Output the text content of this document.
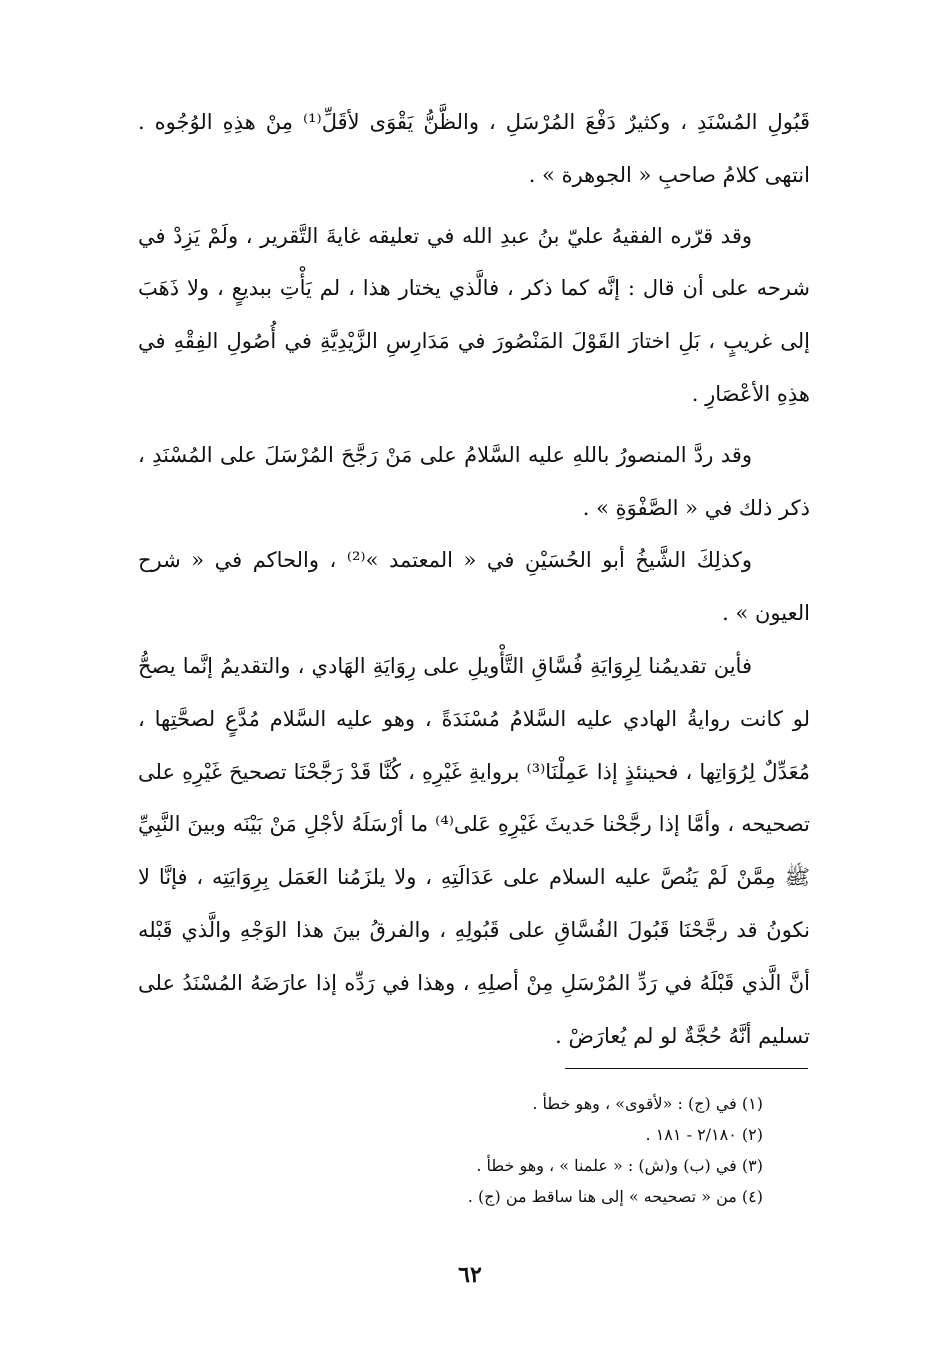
قَبُولِ المُسْنَدِ ، وكثيرٌ دَفْعَ المُرْسَلِ ، والظَّنُّ يَقْوَى لأقَلِّ⁽¹⁾ مِنْ هذِهِ الوُجُوه . انتهى كلامُ صاحبِ « الجوهرة » .

وقد قرّره الفقيهُ عليّ بنُ عبدِ الله في تعليقه غايةَ التَّقرير ، ولَمْ يَزِدْ في شرحه على أن قال : إنَّه كما ذكر ، فالَّذي يختار هذا ، لم يَأْتِ ببديعٍ ، ولا ذَهَبَ إلى غريبٍ ، بَلِ اختارَ القَوْلَ المَنْصُورَ في مَدَارِسِ الزَّيْدِيَّةِ في أُصُولِ الفِقْهِ في هذِهِ الأعْصَارِ .

وقد ردَّ المنصورُ باللهِ عليه السَّلامُ على مَنْ رَجَّحَ المُرْسَلَ على المُسْنَدِ ، ذكر ذلك في « الصَّفْوَةِ » .

وكذلِكَ الشَّيخُ أبو الحُسَيْنِ في « المعتمد »⁽²⁾ ، والحاكم في « شرح العيون » .

فأين تقديمُنا لِرِوَايَةِ فُسَّاقِ التَّأْويلِ على رِوَايَةِ الهَادي ، والتقديمُ إنَّما يصحُّ لو كانت روايةُ الهادي عليه السَّلامُ مُسْنَدَةً ، وهو عليه السَّلام مُدَّعٍ لصحَّتِها ، مُعَدِّلٌ لِرُوَاتِها ، فحينئذٍ إذا عَمِلْنَا⁽³⁾ بروايةِ غَيْرِهِ ، كُنَّا قَدْ رَجَّحْنَا تصحيحَ غَيْرِهِ على تصحيحه ، وأمَّا إذا رجَّحْنا حَديثَ غَيْرِهِ عَلى⁽⁴⁾ ما أرْسَلَهُ لأجْلِ مَنْ بَيْنَه وبينَ النَّبِيِّ ﷺ مِمَّنْ لَمْ يَنُصَّ عليه السلام على عَدَالَتِهِ ، ولا يلزَمُنا العَمَل بِرِوَايَتِه ، فإنَّا لا نكونُ قد رجَّحْنَا قَبُولَ الفُسَّاقِ على قَبُولِهِ ، والفرقُ بينَ هذا الوَجْهِ والَّذي قَبْله أنَّ الَّذي قَبْلَهُ في رَدِّ المُرْسَلِ مِنْ أصلِهِ ، وهذا في رَدِّه إذا عارَضَهُ المُسْنَدُ على تسليم أنَّهُ حُجَّةٌ لو لم يُعارَضْ .

(١) في (ج) : «لأقوى» ، وهو خطأ .

(٢) ٢/١٨٠ - ١٨١ .

(٣) في (ب) و(ش) : « علمنا » ، وهو خطأ .

(٤) من « تصحيحه » إلى هنا ساقط من (ج) .

٦٢
